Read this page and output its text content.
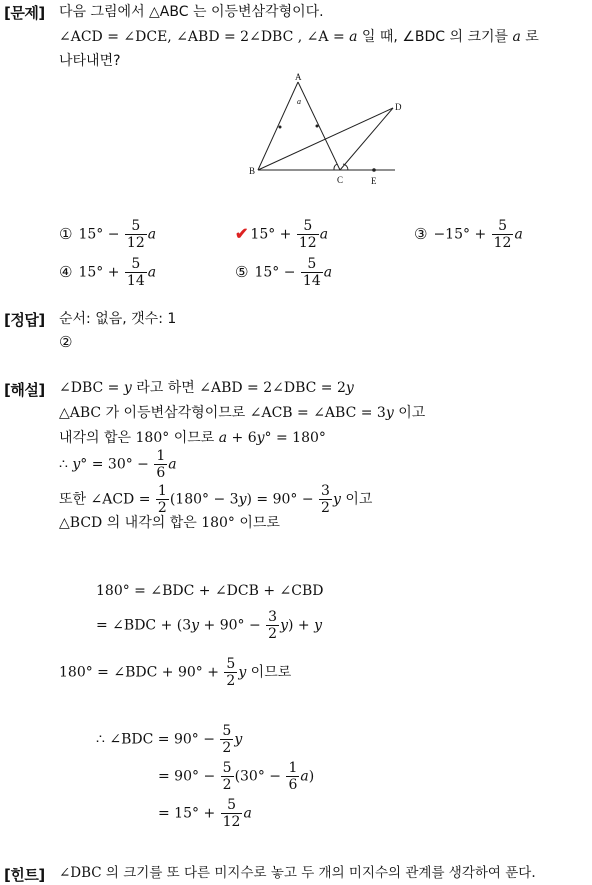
[문제] 다음 그림에서 △ABC 는 이등변삼각형이다.
∠ACD = ∠DCE, ∠ABD = 2∠DBC , ∠A = a 일 때, ∠BDC 의 크기를 a 로
나타내면?
A
B
C
D
E
a
① $15^\circ - \frac{5}{12}$ a	✔ $15^\circ + \frac{5}{12}$ a	③ $-15^\circ + \frac{5}{12}$ a
④ $15^\circ + \frac{5}{14}$ a	⑤ $15^\circ - \frac{5}{14}$ a
[정답] 순서: 없음, 갯수: 1
②
[해설] ∠DBC = y 라고 하면 ∠ABD = 2∠DBC = 2y
△ABC 가 이등변삼각형이므로 ∠ACB = ∠ABC = 3y 이고
내각의 합은 180° 이므로 a + 6y° = 180°
∴ $y^\circ = 30^\circ - \frac{1}{6}$ a
또한 ∠ACD = $\frac{1}{2} (180^\circ - 3y) = 90^\circ - \frac{3}{2}$ y 이고
△BCD 의 내각의 합은 180° 이므로
180° = ∠BDC + ∠DCB + ∠CBD
= ∠BDC + $(3y + 90^\circ - \frac{3}{2} y) + y$
180° = ∠BDC + $90^\circ + \frac{5}{2}$ y 이므로
∴ ∠BDC = $90^\circ - \frac{5}{2}$ y
= $90^\circ - \frac{5}{2} (30^\circ - \frac{1}{6} a)$
= $15^\circ + \frac{5}{12}$ a
[힌트] ∠DBC 의 크기를 또 다른 미지수로 놓고 두 개의 미지수의 관계를 생각하여 푼다.
